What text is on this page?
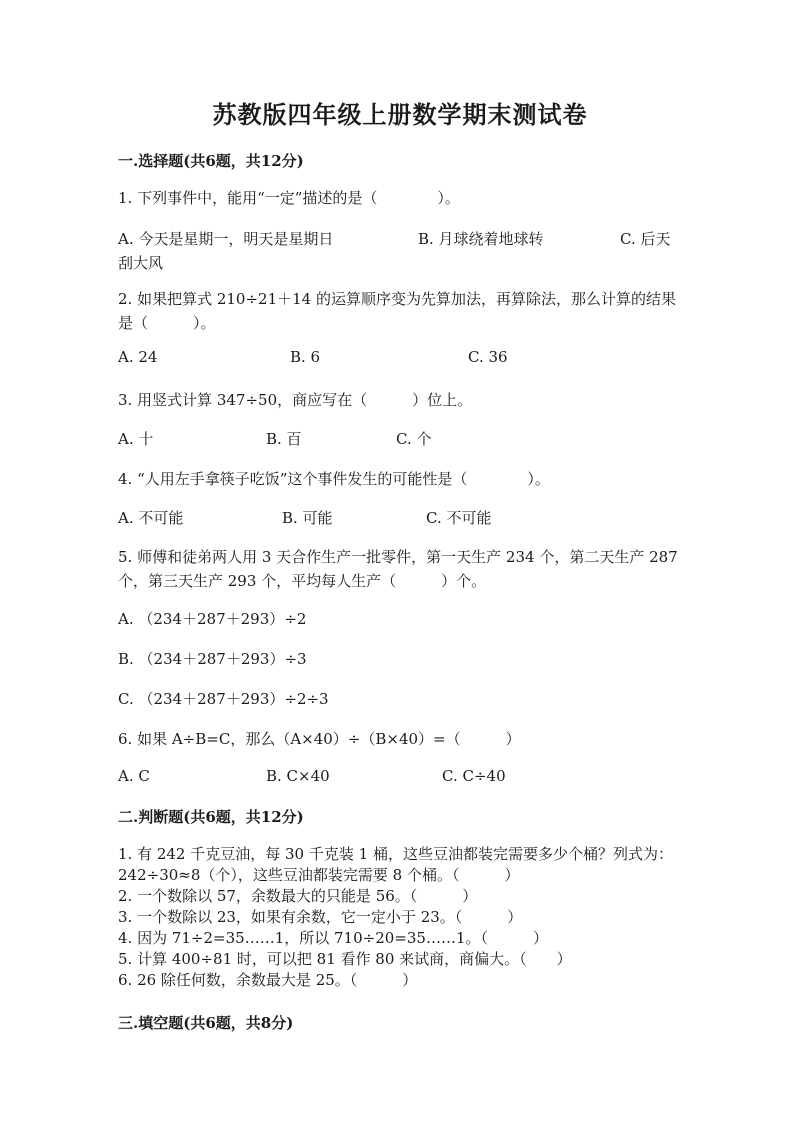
苏教版四年级上册数学期末测试卷
一.选择题(共6题，共12分)
1. 下列事件中，能用“一定”描述的是（　　　　）。
A. 今天是星期一，明天是星期日	B. 月球绕着地球转	C. 后天
刮大风
2. 如果把算式 210÷21＋14 的运算顺序变为先算加法，再算除法，那么计算的结果是（　　　）。
A. 24	B. 6	C. 36
3. 用竖式计算 347÷50，商应写在（　　　）位上。
A. 十	B. 百	C. 个
4. “人用左手拿筷子吃饭”这个事件发生的可能性是（　　　　）。
A. 不可能	B. 可能	C. 不可能
5. 师傅和徒弟两人用 3 天合作生产一批零件，第一天生产 234 个，第二天生产 287 个，第三天生产 293 个，平均每人生产（　　　）个。
A. （234＋287＋293）÷2
B. （234＋287＋293）÷3
C. （234＋287＋293）÷2÷3
6. 如果 A÷B=C，那么（A×40）÷（B×40）=（　　　）
A. C	B. C×40	C. C÷40
二.判断题(共6题，共12分)
1. 有 242 千克豆油，每 30 千克装 1 桶，这些豆油都装完需要多少个桶？列式为：242÷30≈8（个），这些豆油都装完需要 8 个桶。（　　　）
2. 一个数除以 57，余数最大的只能是 56。（　　　）
3. 一个数除以 23，如果有余数，它一定小于 23。（　　　）
4. 因为 71÷2=35……1，所以 710÷20=35……1。（　　　）
5. 计算 400÷81 时，可以把 81 看作 80 来试商，商偏大。（　　）
6. 26 除任何数，余数最大是 25。（　　　）
三.填空题(共6题，共8分)
